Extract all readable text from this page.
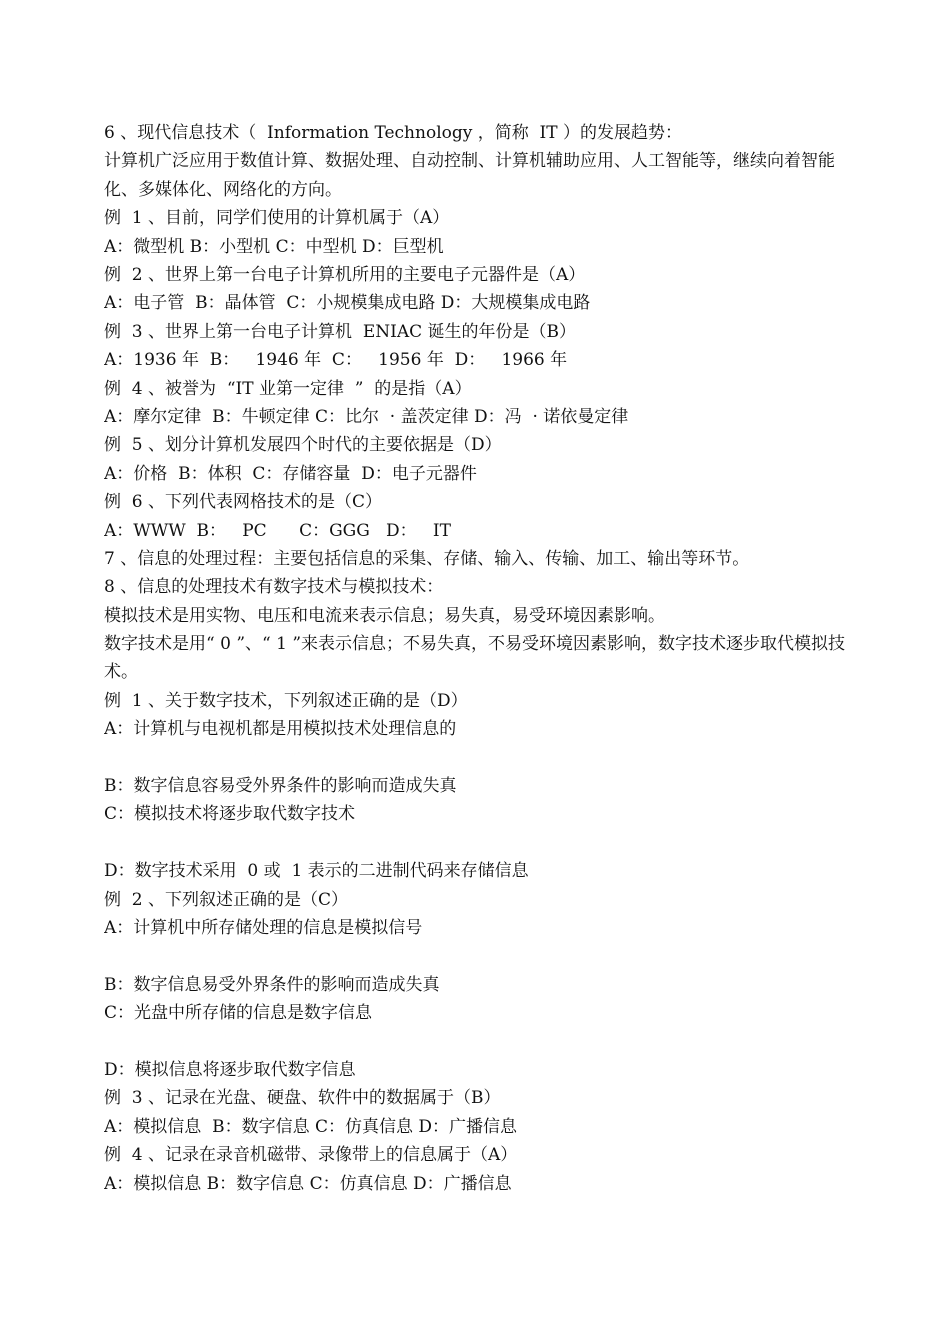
6 、现代信息技术（  Information Technology ，简称  IT ）的发展趋势：
计算机广泛应用于数值计算、数据处理、自动控制、计算机辅助应用、人工智能等，继续向着智能化、多媒体化、网络化的方向。
例  1 、目前，同学们使用的计算机属于（A）
A：微型机 B：小型机 C：中型机 D：巨型机
例  2 、世界上第一台电子计算机所用的主要电子元器件是（A）
A：电子管  B：晶体管  C：小规模集成电路 D：大规模集成电路
例  3 、世界上第一台电子计算机  ENIAC 诞生的年份是（B）
A：1936 年  B：   1946 年  C：   1956 年  D：   1966 年
例  4 、被誉为  “IT 业第一定律  ”  的是指（A）
A：摩尔定律  B：牛顿定律 C：比尔  · 盖茨定律 D：冯  · 诺依曼定律
例  5 、划分计算机发展四个时代的主要依据是（D）
A：价格  B：体积  C：存储容量  D：电子元器件
例  6 、下列代表网格技术的是（C）
A：WWW  B：   PC      C：GGG   D：   IT
7 、信息的处理过程：主要包括信息的采集、存储、输入、传输、加工、输出等环节。
8 、信息的处理技术有数字技术与模拟技术：
模拟技术是用实物、电压和电流来表示信息；易失真，易受环境因素影响。
数字技术是用“ 0 ”、“ 1 ”来表示信息；不易失真，不易受环境因素影响，数字技术逐步取代模拟技术。
例  1 、关于数字技术，下列叙述正确的是（D）
A：计算机与电视机都是用模拟技术处理信息的
B：数字信息容易受外界条件的影响而造成失真
C：模拟技术将逐步取代数字技术
D：数字技术采用  0 或  1 表示的二进制代码来存储信息
例  2 、下列叙述正确的是（C）
A：计算机中所存储处理的信息是模拟信号
B：数字信息易受外界条件的影响而造成失真
C：光盘中所存储的信息是数字信息
D：模拟信息将逐步取代数字信息
例  3 、记录在光盘、硬盘、软件中的数据属于（B）
A：模拟信息  B：数字信息 C：仿真信息 D：广播信息
例  4 、记录在录音机磁带、录像带上的信息属于（A）
A：模拟信息 B：数字信息 C：仿真信息 D：广播信息
